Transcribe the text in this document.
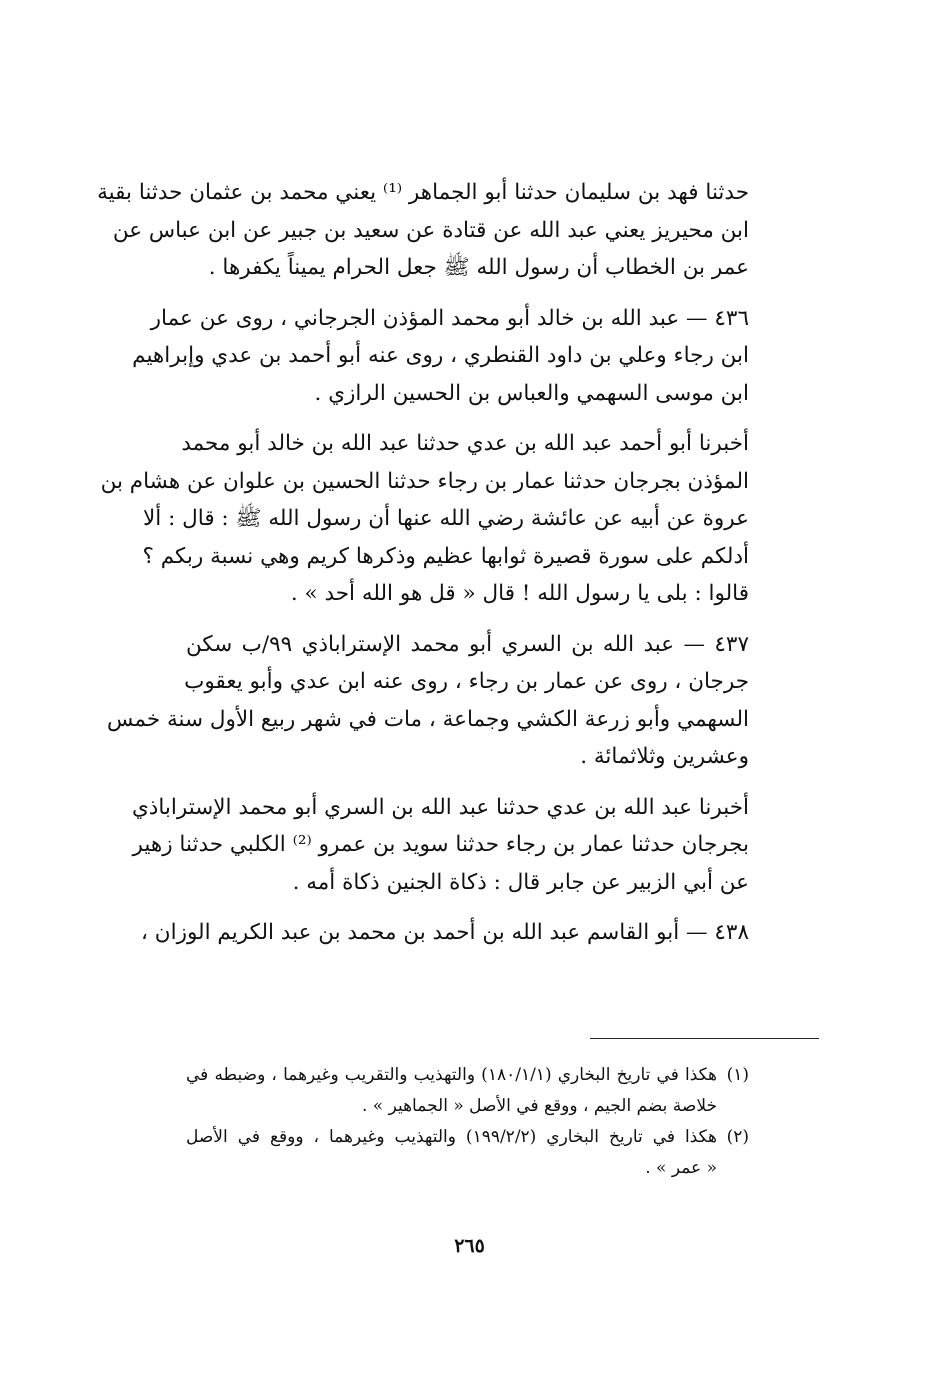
حدثنا فهد بن سليمان حدثنا أبو الجماهر ⁽¹⁾ يعني محمد بن عثمان حدثنا بقية
ابن محيريز يعني عبد الله عن قتادة عن سعيد بن جبير عن ابن عباس عن
عمر بن الخطاب أن رسول الله ﷺ جعل الحرام يميناً يكفرها .
٤٣٦ — عبد الله بن خالد أبو محمد المؤذن الجرجاني ، روى عن عمار
ابن رجاء وعلي بن داود القنطري ، روى عنه أبو أحمد بن عدي وإبراهيم
ابن موسى السهمي والعباس بن الحسين الرازي .
أخبرنا أبو أحمد عبد الله بن عدي حدثنا عبد الله بن خالد أبو محمد
المؤذن بجرجان حدثنا عمار بن رجاء حدثنا الحسين بن علوان عن هشام بن
عروة عن أبيه عن عائشة رضي الله عنها أن رسول الله ﷺ : قال : ألا
أدلكم على سورة قصيرة ثوابها عظيم وذكرها كريم وهي نسبة ربكم ؟
قالوا : بلى يا رسول الله ! قال « قل هو الله أحد » .
٤٣٧ — عبد الله بن السري أبو محمد الإستراباذي ٩٩/ب سكن
جرجان ، روى عن عمار بن رجاء ، روى عنه ابن عدي وأبو يعقوب
السهمي وأبو زرعة الكشي وجماعة ، مات في شهر ربيع الأول سنة خمس
وعشرين وثلاثمائة .
أخبرنا عبد الله بن عدي حدثنا عبد الله بن السري أبو محمد الإستراباذي
بجرجان حدثنا عمار بن رجاء حدثنا سويد بن عمرو ⁽²⁾ الكلبي حدثنا زهير
عن أبي الزبير عن جابر قال : ذكاة الجنين ذكاة أمه .
٤٣٨ — أبو القاسم عبد الله بن أحمد بن محمد بن عبد الكريم الوزان ،
(١)
هكذا في تاريخ البخاري (١٨٠/١/١) والتهذيب والتقريب وغيرهما ، وضبطه في
خلاصة بضم الجيم ، ووقع في الأصل « الجماهير » .
(٢)
هكذا في تاريخ البخاري (١٩٩/٢/٢) والتهذيب وغيرهما ، ووقع في الأصل
« عمر » .
٢٦٥
